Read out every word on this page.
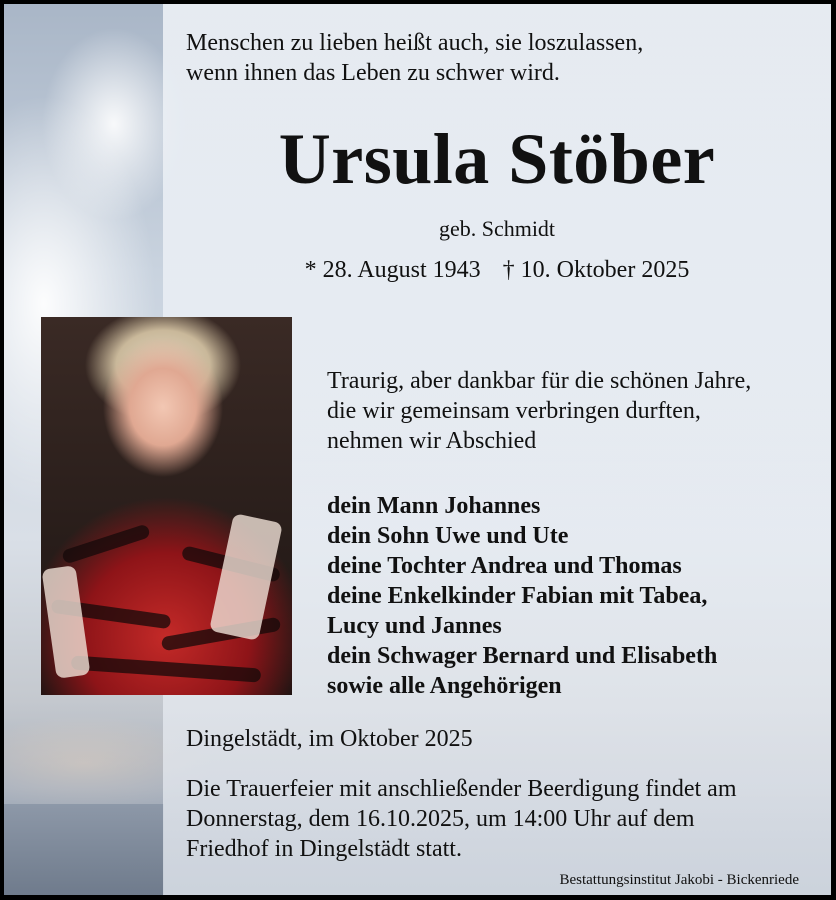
Menschen zu lieben heißt auch, sie loszulassen,
wenn ihnen das Leben zu schwer wird.
Ursula Stöber
geb. Schmidt
* 28. August 1943 † 10. Oktober 2025
Traurig, aber dankbar für die schönen Jahre,
die wir gemeinsam verbringen durften,
nehmen wir Abschied
dein Mann Johannes
dein Sohn Uwe und Ute
deine Tochter Andrea und Thomas
deine Enkelkinder Fabian mit Tabea,
Lucy und Jannes
dein Schwager Bernard und Elisabeth
sowie alle Angehörigen
Dingelstädt, im Oktober 2025
Die Trauerfeier mit anschließender Beerdigung findet am
Donnerstag, dem 16.10.2025, um 14:00 Uhr auf dem
Friedhof in Dingelstädt statt.
Bestattungsinstitut Jakobi - Bickenriede
